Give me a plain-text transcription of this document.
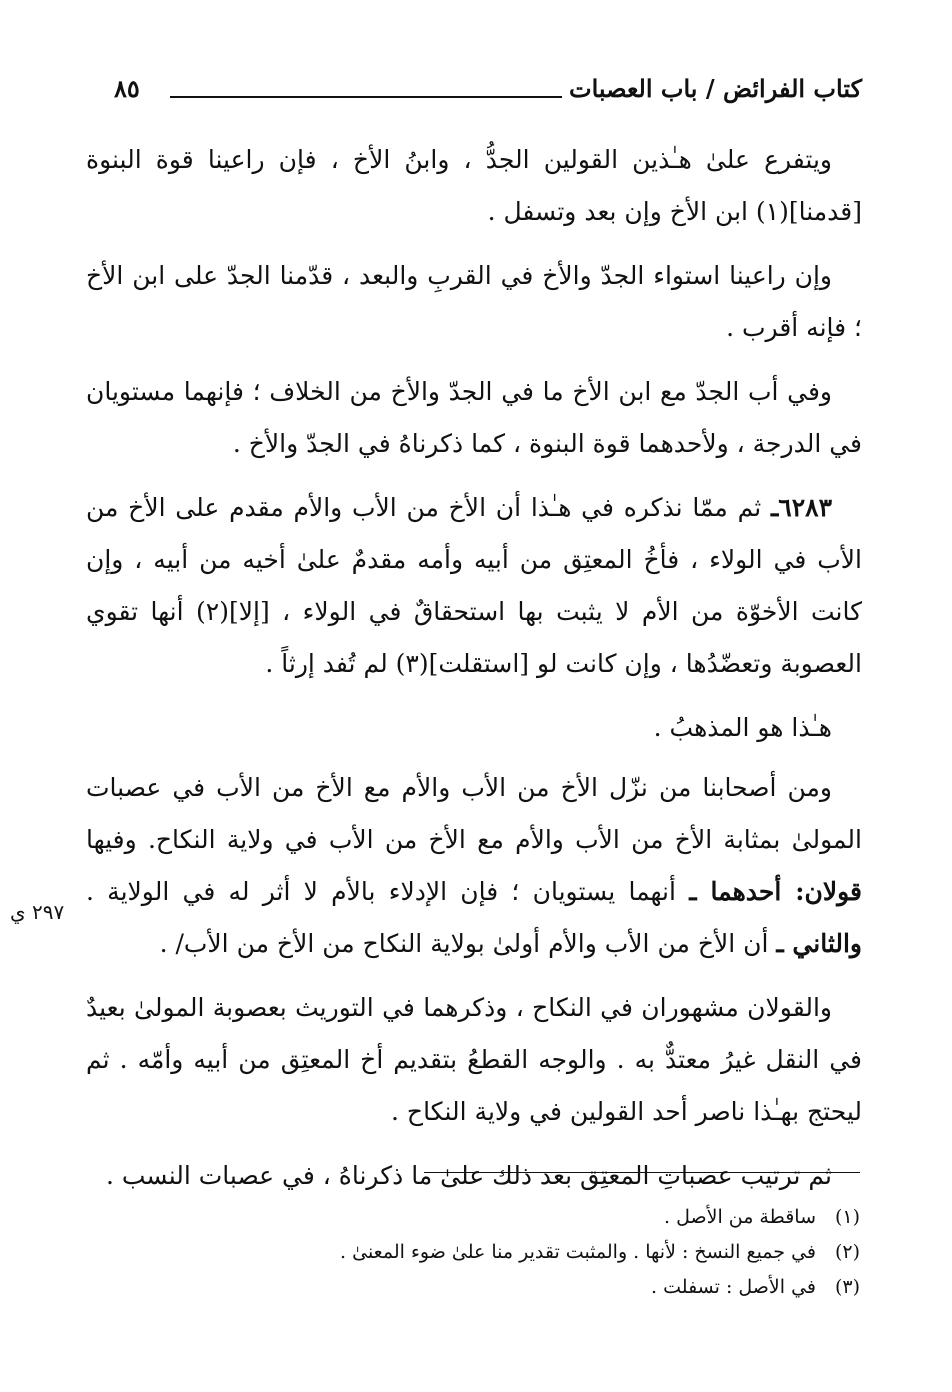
كتاب الفرائض / باب العصبات
٨٥

ويتفرع علىٰ هـٰذين القولين الجدُّ ، وابنُ الأخ ، فإن راعينا قوة البنوة [قدمنا](١) ابن الأخ وإن بعد وتسفل .

وإن راعينا استواء الجدّ والأخ في القربِ والبعد ، قدّمنا الجدّ على ابن الأخ ؛ فإنه أقرب .

وفي أب الجدّ مع ابن الأخ ما في الجدّ والأخ من الخلاف ؛ فإنهما مستويان في الدرجة ، ولأحدهما قوة البنوة ، كما ذكرناهُ في الجدّ والأخ .

٦٢٨٣ـ ثم ممّا نذكره في هـٰذا أن الأخ من الأب والأم مقدم على الأخ من الأب في الولاء ، فأخُ المعتِق من أبيه وأمه مقدمٌ علىٰ أخيه من أبيه ، وإن كانت الأخوّة من الأم لا يثبت بها استحقاقٌ في الولاء ، [إلا](٢) أنها تقوي العصوبة وتعضّدُها ، وإن كانت لو [استقلت](٣) لم تُفد إرثاً .

هـٰذا هو المذهبُ .

ومن أصحابنا من نزّل الأخ من الأب والأم مع الأخ من الأب في عصبات المولىٰ بمثابة الأخ من الأب والأم مع الأخ من الأب في ولاية النكاح. وفيها قولان: أحدهما ـ أنهما يستويان ؛ فإن الإدلاء بالأم لا أثر له في الولاية . والثاني ـ أن الأخ من الأب والأم أولىٰ بولاية النكاح من الأخ من الأب/ .

والقولان مشهوران في النكاح ، وذكرهما في التوريث بعصوبة المولىٰ بعيدٌ في النقل غيرُ معتدٌّ به . والوجه القطعُ بتقديم أخ المعتِق من أبيه وأمّه . ثم ليحتج بهـٰذا ناصر أحد القولين في ولاية النكاح .

ثم ترتيب عصباتِ المعتِق بعد ذلك علىٰ ما ذكرناهُ ، في عصبات النسب .

٢٩٧ ي
(١)ساقطة من الأصل .
(٢)في جميع النسخ : لأنها . والمثبت تقدير منا علىٰ ضوء المعنىٰ .
(٣)في الأصل : تسفلت .
